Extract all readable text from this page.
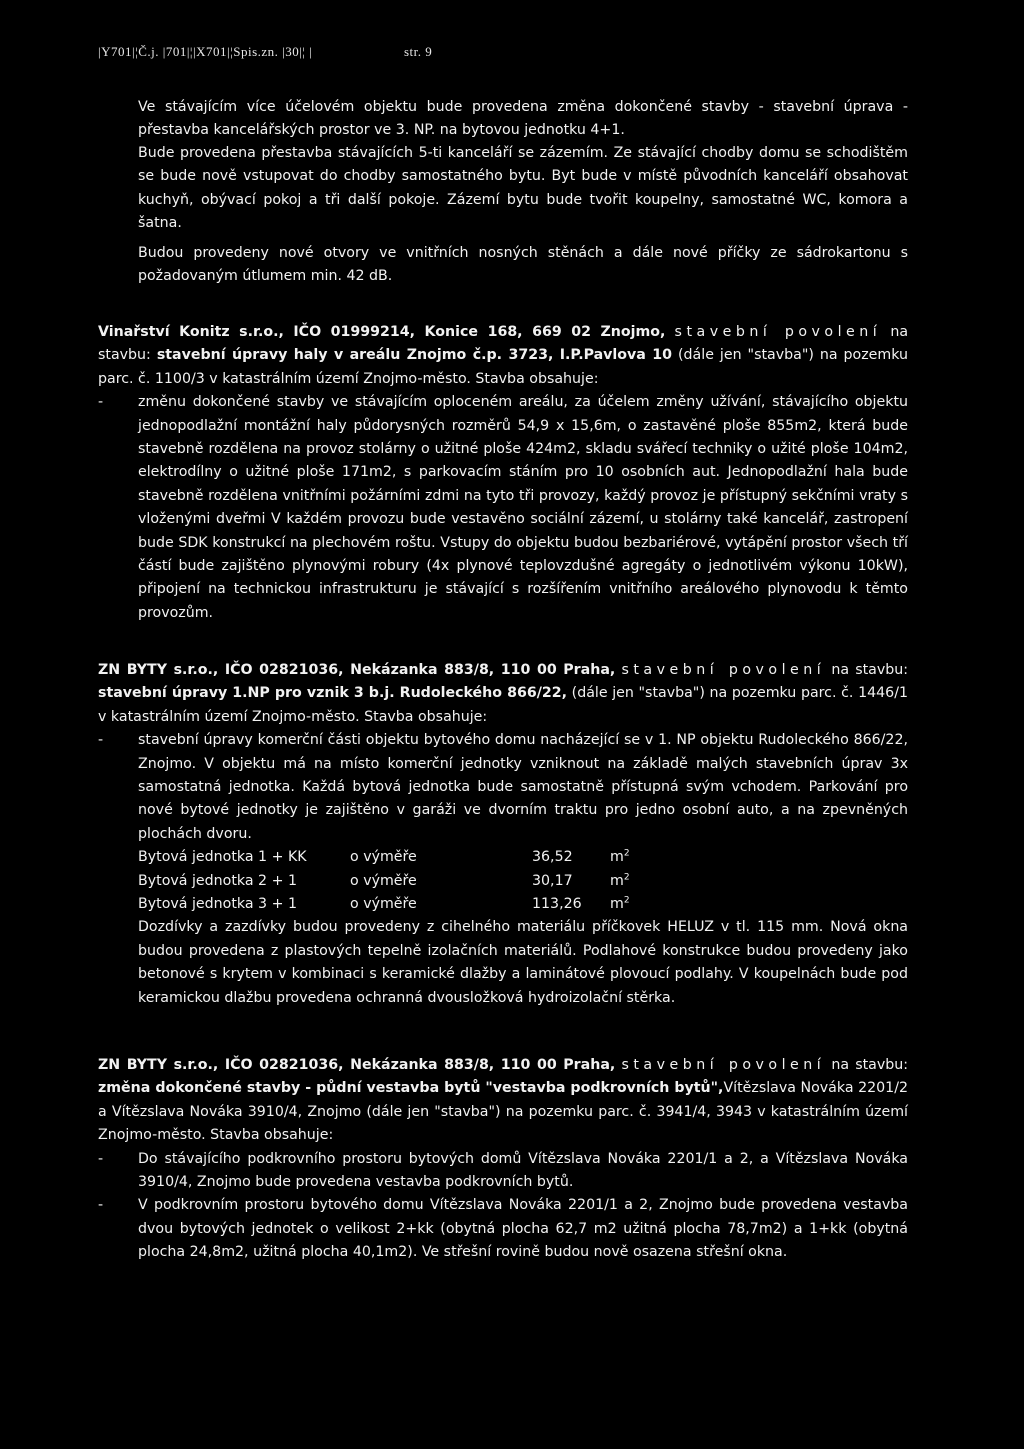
|Y701|¦Č.j. |701|¦|X701|¦Spis.zn. |30|¦ |	str. 9
Ve stávajícím více účelovém objektu bude provedena změna dokončené stavby - stavební úprava - přestavba kancelářských prostor ve 3. NP. na bytovou jednotku 4+1.
Bude provedena přestavba stávajících 5-ti kanceláří se zázemím. Ze stávající chodby domu se schodištěm se bude nově vstupovat do chodby samostatného bytu. Byt bude v místě původních kanceláří obsahovat kuchyň, obývací pokoj a tři další pokoje. Zázemí bytu bude tvořit koupelny, samostatné WC, komora a šatna.
Budou provedeny nové otvory ve vnitřních nosných stěnách a dále nové příčky ze sádrokartonu s požadovaným útlumem min. 42 dB.
Vinařství Konitz s.r.o., IČO 01999214, Konice 168, 669 02 Znojmo, stavební povolení na stavbu: stavební úpravy haly v areálu Znojmo č.p. 3723, I.P.Pavlova 10 (dále jen "stavba") na pozemku parc. č. 1100/3 v katastrálním území Znojmo-město. Stavba obsahuje:
- změnu dokončené stavby ve stávajícím oploceném areálu, za účelem změny užívání, stávajícího objektu jednopodlažní montážní haly půdorysných rozměrů 54,9 x 15,6m, o zastavěné ploše 855m2, která bude stavebně rozdělena na provoz stolárny o užitné ploše 424m2, skladu svářecí techniky o užité ploše 104m2, elektrodílny o užitné ploše 171m2, s parkovacím stáním pro 10 osobních aut. Jednopodlažní hala bude stavebně rozdělena vnitřními požárními zdmi na tyto tři provozy, každý provoz je přístupný sekčními vraty s vloženými dveřmi V každém provozu bude vestavěno sociální zázemí, u stolárny také kancelář, zastropení bude SDK konstrukcí na plechovém roštu. Vstupy do objektu budou bezbariérové, vytápění prostor všech tří částí bude zajištěno plynovými robury (4x plynové teplovzdušné agregáty o jednotlivém výkonu 10kW), připojení na technickou infrastrukturu je stávající s rozšířením vnitřního areálového plynovodu k těmto provozům.
ZN BYTY s.r.o., IČO 02821036, Nekázanka 883/8, 110 00 Praha, stavební povolení na stavbu: stavební úpravy 1.NP pro vznik 3 b.j. Rudoleckého 866/22, (dále jen "stavba") na pozemku parc. č. 1446/1 v katastrálním území Znojmo-město. Stavba obsahuje:
- stavební úpravy komerční části objektu bytového domu nacházející se v 1. NP objektu Rudoleckého 866/22, Znojmo. V objektu má na místo komerční jednotky vzniknout na základě malých stavebních úprav 3x samostatná jednotka. Každá bytová jednotka bude samostatně přístupná svým vchodem. Parkování pro nové bytové jednotky je zajištěno v garáži ve dvorním traktu pro jedno osobní auto, a na zpevněných plochách dvoru.
Bytová jednotka 1 + KK	o výměře	36,52	$m^2$
Bytová jednotka 2 + 1	o výměře	30,17	$m^2$
Bytová jednotka 3 + 1	o výměře	113,26	$m^2$
Dozdívky a zazdívky budou provedeny z cihelného materiálu příčkovek HELUZ v tl. 115 mm. Nová okna budou provedena z plastových tepelně izolačních materiálů. Podlahové konstrukce budou provedeny jako betonové s krytem v kombinaci s keramické dlažby a laminátové plovoucí podlahy. V koupelnách bude pod keramickou dlažbu provedena ochranná dvousložková hydroizolační stěrka.
ZN BYTY s.r.o., IČO 02821036, Nekázanka 883/8, 110 00 Praha, stavební povolení na stavbu: změna dokončené stavby - půdní vestavba bytů "vestavba podkrovních bytů",Vítězslava Nováka 2201/2 a Vítězslava Nováka 3910/4, Znojmo (dále jen "stavba") na pozemku parc. č. 3941/4, 3943 v katastrálním území Znojmo-město. Stavba obsahuje:
- Do stávajícího podkrovního prostoru bytových domů Vítězslava Nováka 2201/1 a 2, a Vítězslava Nováka 3910/4, Znojmo bude provedena vestavba podkrovních bytů.
- V podkrovním prostoru bytového domu Vítězslava Nováka 2201/1 a 2, Znojmo bude provedena vestavba dvou bytových jednotek o velikost 2+kk (obytná plocha 62,7 m2 užitná plocha 78,7m2) a 1+kk (obytná plocha 24,8m2, užitná plocha 40,1m2). Ve střešní rovině budou nově osazena střešní okna.
